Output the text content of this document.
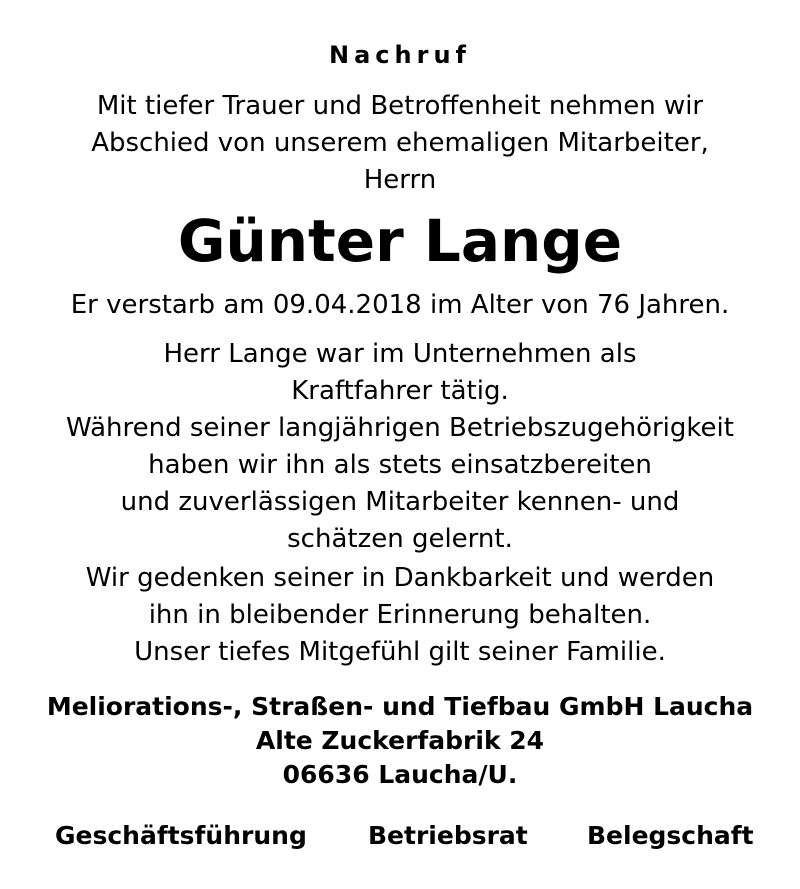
Nachruf
Mit tiefer Trauer und Betroffenheit nehmen wir
Abschied von unserem ehemaligen Mitarbeiter,
Herrn
Günter Lange
Er verstarb am 09.04.2018 im Alter von 76 Jahren.
Herr Lange war im Unternehmen als
Kraftfahrer tätig.
Während seiner langjährigen Betriebszugehörigkeit
haben wir ihn als stets einsatzbereiten
und zuverlässigen Mitarbeiter kennen- und
schätzen gelernt.
Wir gedenken seiner in Dankbarkeit und werden
ihn in bleibender Erinnerung behalten.
Unser tiefes Mitgefühl gilt seiner Familie.
Meliorations-, Straßen- und Tiefbau GmbH Laucha
Alte Zuckerfabrik 24
06636 Laucha/U.
Geschäftsführung Betriebsrat Belegschaft
